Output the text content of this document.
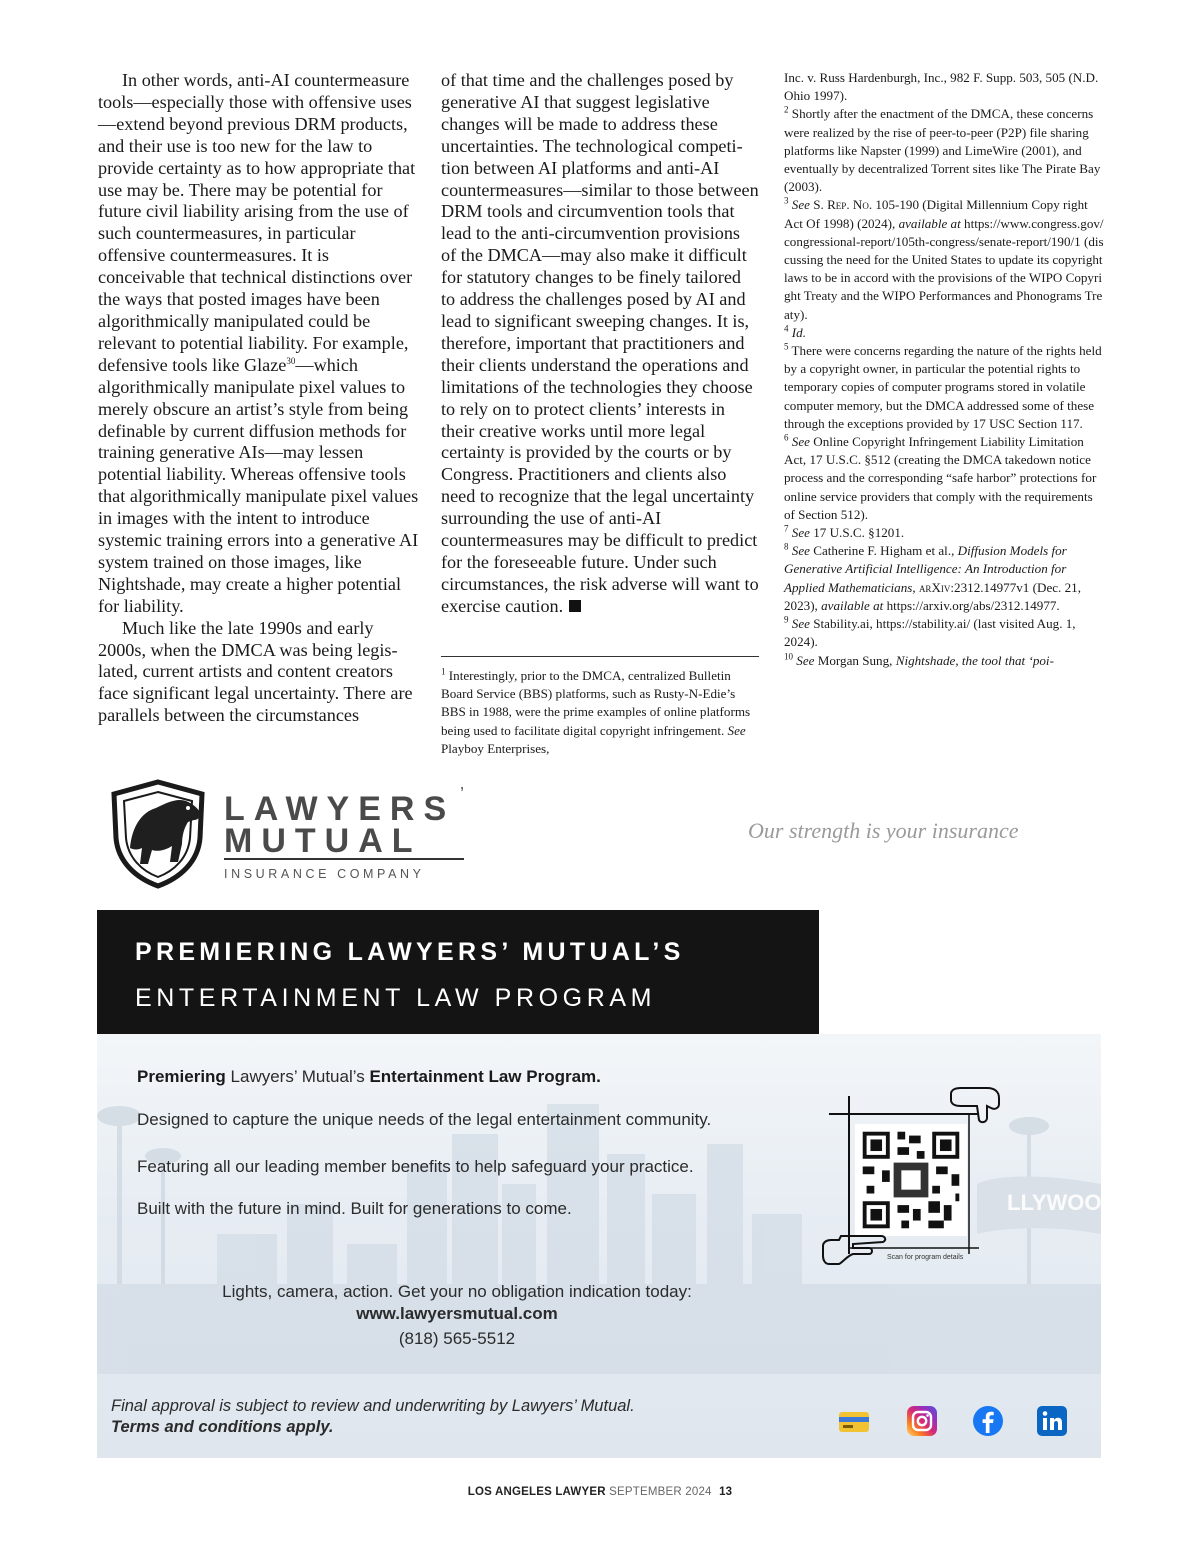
In other words, anti-AI countermeasure tools—especially those with offensive uses—extend beyond previous DRM products, and their use is too new for the law to provide certainty as to how appropriate that use may be. There may be potential for future civil liability arising from the use of such countermeasures, in particular offensive countermeasures. It is conceivable that technical distinctions over the ways that posted images have been algorithmically manipulated could be relevant to potential liability. For example, defensive tools like Glaze$^{30}$—which algorithmically manipulate pixel values to merely obscure an artist’s style from being definable by current diffusion methods for training generative AIs—may lessen potential liability. Whereas offensive tools that algorithmically manipulate pixel values in images with the intent to introduce systemic training errors into a generative AI system trained on those images, like Nightshade, may create a higher potential for liability.

Much like the late 1990s and early 2000s, when the DMCA was being legislated, current artists and content creators face significant legal uncertainty. There are parallels between the circumstances

of that time and the challenges posed by generative AI that suggest legislative changes will be made to address these uncertainties. The technological competition between AI platforms and anti-AI countermeasures—similar to those between DRM tools and circumvention tools that lead to the anti-circumvention provisions of the DMCA—may also make it difficult for statutory changes to be finely tailored to address the challenges posed by AI and lead to significant sweeping changes. It is, therefore, important that practitioners and their clients understand the operations and limitations of the technologies they choose to rely on to protect clients’ interests in their creative works until more legal certainty is provided by the courts or by Congress. Practitioners and clients also need to recognize that the legal uncertainty surrounding the use of anti-AI countermeasures may be difficult to predict for the foreseeable future. Under such circumstances, the risk adverse will want to exercise caution.

$^1$ Interestingly, prior to the DMCA, centralized Bulletin Board Service (BBS) platforms, such as Rusty-N-Edie’s BBS in 1988, were the prime examples of online platforms being used to facilitate digital copyright infringement. See Playboy Enterprises,

Inc. v. Russ Hardenburgh, Inc., 982 F. Supp. 503, 505 (N.D. Ohio 1997).

$^2$ Shortly after the enactment of the DMCA, these concerns were realized by the rise of peer-to-peer (P2P) file sharing platforms like Napster (1999) and LimeWire (2001), and eventually by decentralized Torrent sites like The Pirate Bay (2003).

$^3$ See S. Rep. No. 105-190 (Digital Millennium Copy right Act Of 1998) (2024), available at https://www.congress.gov/congressional-report/105th-congress/senate-report/190/1 (discussing the need for the United States to update its copyright laws to be in accord with the provisions of the WIPO Copyright Treaty and the WIPO Performances and Phonograms Treaty).

$^4$ Id.

$^5$ There were concerns regarding the nature of the rights held by a copyright owner, in particular the potential rights to temporary copies of computer programs stored in volatile computer memory, but the DMCA addressed some of these through the exceptions provided by 17 USC Section 117.

$^6$ See Online Copyright Infringement Liability Limitation Act, 17 U.S.C. §512 (creating the DMCA takedown notice process and the corresponding “safe harbor” protections for online service providers that comply with the requirements of Section 512).

$^7$ See 17 U.S.C. §1201.

$^8$ See Catherine F. Higham et al., Diffusion Models for Generative Artificial Intelligence: An Introduction for Applied Mathematicians, arXiv:2312.14977v1 (Dec. 21, 2023), available at https://arxiv.org/abs/2312.14977.

$^9$ See Stability.ai, https://stability.ai/ (last visited Aug. 1, 2024).

$^{10}$ See Morgan Sung, Nightshade, the tool that ‘poi-

LAWYERS ’
MUTUAL
INSURANCE COMPANY
Our strength is your insurance
PREMIERING LAWYERS’ MUTUAL’S
ENTERTAINMENT LAW PROGRAM
LLYWOOD
Premiering Lawyers’ Mutual’s Entertainment Law Program.
Designed to capture the unique needs of the legal entertainment community.
Featuring all our leading member benefits to help safeguard your practice.
Built with the future in mind. Built for generations to come.
Lights, camera, action. Get your no obligation indication today:
www.lawyersmutual.com
(818) 565-5512
Scan for program details
Final approval is subject to review and underwriting by Lawyers’ Mutual.
Terms and conditions apply.
LOS ANGELES LAWYER SEPTEMBER 2024 13
